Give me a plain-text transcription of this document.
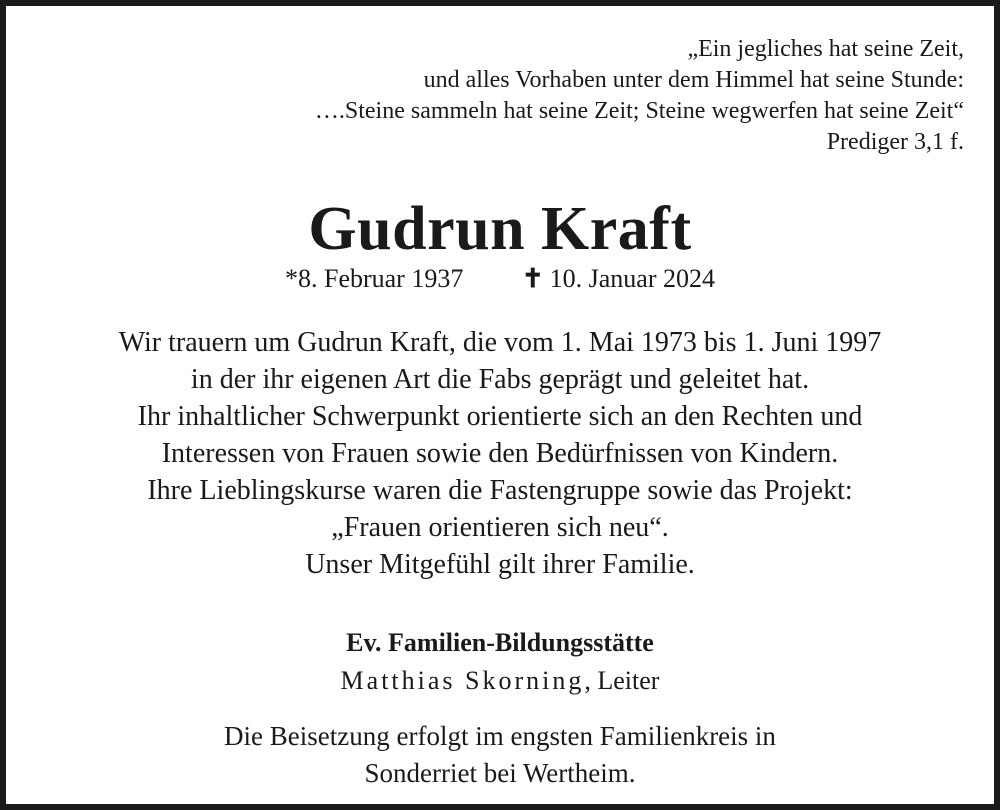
„Ein jegliches hat seine Zeit,
und alles Vorhaben unter dem Himmel hat seine Stunde:
….Steine sammeln hat seine Zeit; Steine wegwerfen hat seine Zeit“
Prediger 3,1 f.
Gudrun Kraft
*8. Februar 1937 ✝ 10. Januar 2024
Wir trauern um Gudrun Kraft, die vom 1. Mai 1973 bis 1. Juni 1997
in der ihr eigenen Art die Fabs geprägt und geleitet hat.
Ihr inhaltlicher Schwerpunkt orientierte sich an den Rechten und
Interessen von Frauen sowie den Bedürfnissen von Kindern.
Ihre Lieblingskurse waren die Fastengruppe sowie das Projekt:
„Frauen orientieren sich neu“.
Unser Mitgefühl gilt ihrer Familie.
Ev. Familien-Bildungsstätte
Matthias Skorning, Leiter
Die Beisetzung erfolgt im engsten Familienkreis in
Sonderriet bei Wertheim.
